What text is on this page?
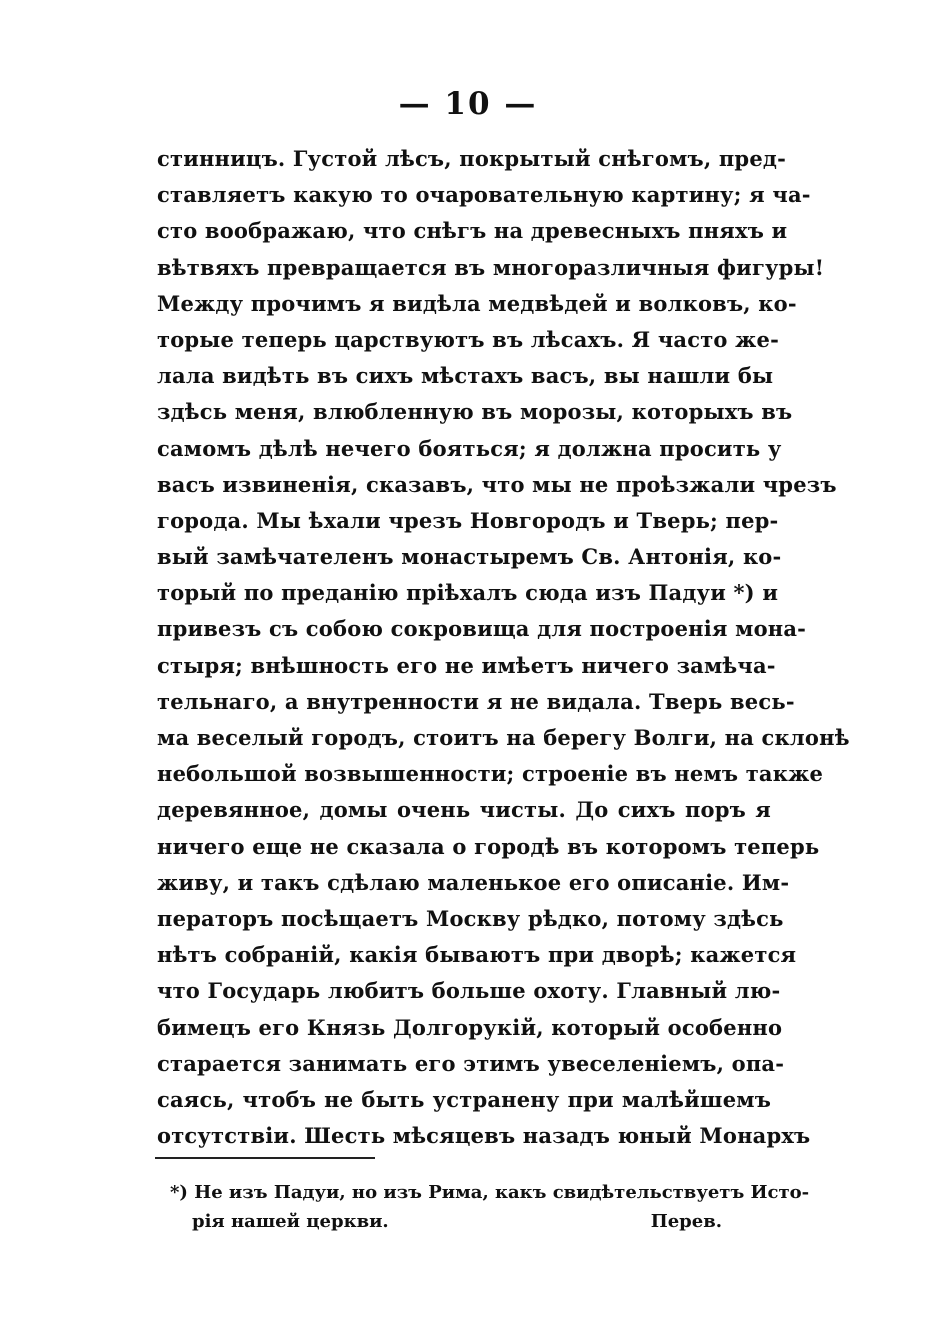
— 10 —
стинницъ. Густой лѣсъ, покрытый снѣгомъ, пред-
ставляетъ какую то очаровательную картину; я ча-
сто воображаю, что снѣгъ на древесныхъ пняхъ и
вѣтвяхъ превращается въ многоразличныя фигуры!
Между прочимъ я видѣла медвѣдей и волковъ, ко-
торые теперь царствуютъ въ лѣсахъ. Я часто же-
лала видѣть въ сихъ мѣстахъ васъ, вы нашли бы
здѣсь меня, влюбленную въ морозы, которыхъ въ
самомъ дѣлѣ нечего бояться; я должна просить у
васъ извиненія, сказавъ, что мы не проѣзжали чрезъ
города. Мы ѣхали чрезъ Новгородъ и Тверь; пер-
вый замѣчателенъ монастыремъ Св. Антонія, ко-
торый по преданію пріѣхалъ сюда изъ Падуи *) и
привезъ съ собою сокровища для построенія мона-
стыря; внѣшность его не имѣетъ ничего замѣча-
тельнаго, а внутренности я не видала. Тверь весь-
ма веселый городъ, стоитъ на берегу Волги, на склонѣ
небольшой возвышенности; строеніе въ немъ также
деревянное, домы очень чисты. До сихъ поръ я
ничего еще не сказала о городѣ въ которомъ теперь
живу, и такъ сдѣлаю маленькое его описаніе. Им-
ператоръ посѣщаетъ Москву рѣдко, потому здѣсь
нѣтъ собраній, какія бываютъ при дворѣ; кажется
что Государь любитъ больше охоту. Главный лю-
бимецъ его Князь Долгорукій, который особенно
старается занимать его этимъ увеселеніемъ, опа-
саясь, чтобъ не быть устранену при малѣйшемъ
отсутствіи. Шесть мѣсяцевъ назадъ юный Монархъ
*) Не изъ Падуи, но изъ Рима, какъ свидѣтельствуетъ Исто-
рія нашей церкви.	Перев.
